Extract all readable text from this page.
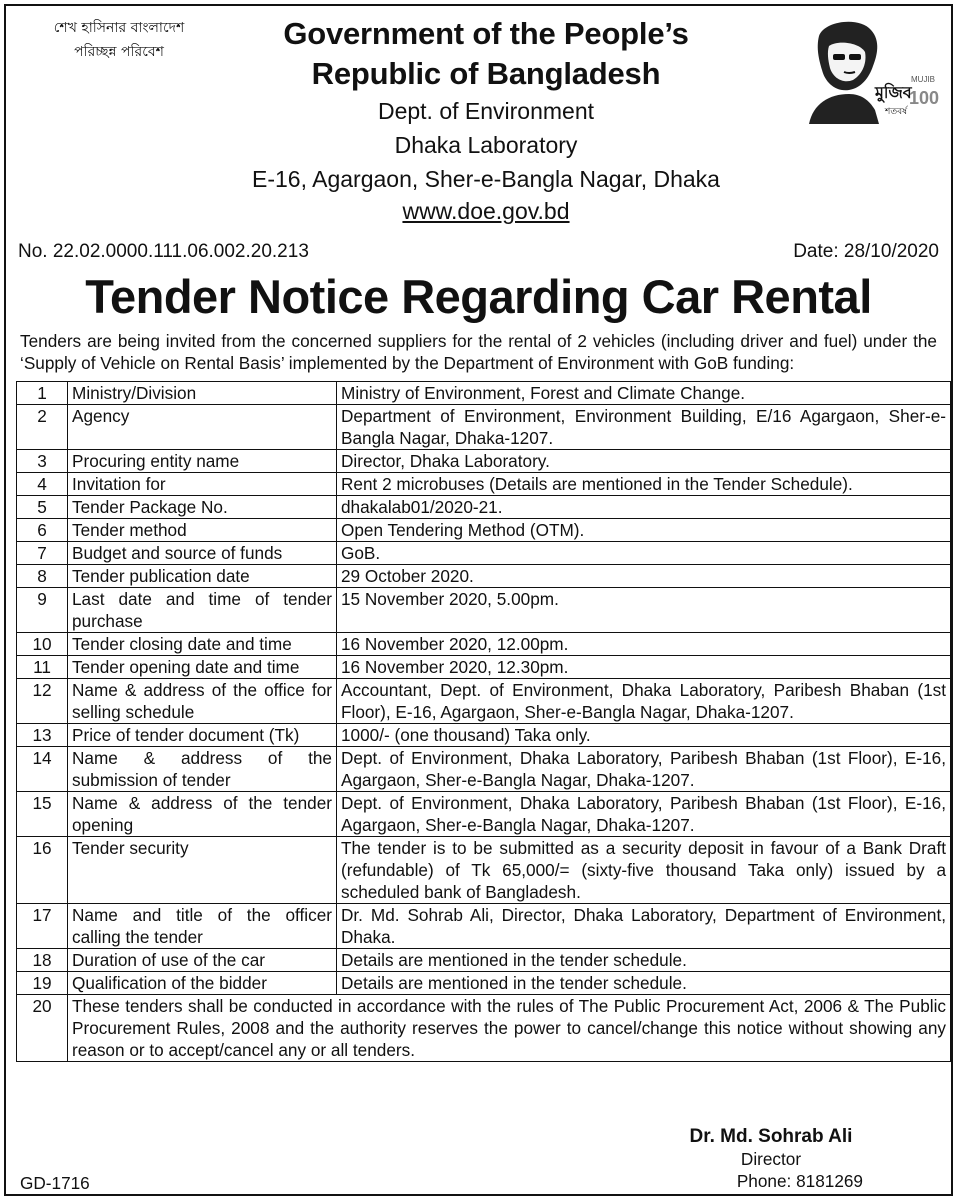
শেখ হাসিনার বাংলাদেশ
পরিচ্ছন্ন পরিবেশ
Government of the People’s
Republic of Bangladesh
Dept. of Environment
Dhaka Laboratory
E-16, Agargaon, Sher-e-Bangla Nagar, Dhaka
www.doe.gov.bd
মুজিব
শতবর্ষ
MUJIB
100
No. 22.02.0000.111.06.002.20.213	Date: 28/10/2020
Tender Notice Regarding Car Rental
Tenders are being invited from the concerned suppliers for the rental of 2 vehicles (including driver and fuel) under the ‘Supply of Vehicle on Rental Basis’ implemented by the Department of Environment with GoB funding:
1	Ministry/Division	Ministry of Environment, Forest and Climate Change.
2	Agency	Department of Environment, Environment Building, E/16 Agargaon, Sher-e-Bangla Nagar, Dhaka-1207.
3	Procuring entity name	Director, Dhaka Laboratory.
4	Invitation for	Rent 2 microbuses (Details are mentioned in the Tender Schedule).
5	Tender Package No.	dhakalab01/2020-21.
6	Tender method	Open Tendering Method (OTM).
7	Budget and source of funds	GoB.
8	Tender publication date	29 October 2020.
9	Last date and time of tender purchase	15 November 2020, 5.00pm.
10	Tender closing date and time	16 November 2020, 12.00pm.
11	Tender opening date and time	16 November 2020, 12.30pm.
12	Name & address of the office for selling schedule	Accountant, Dept. of Environment, Dhaka Laboratory, Paribesh Bhaban (1st Floor), E-16, Agargaon, Sher-e-Bangla Nagar, Dhaka-1207.
13	Price of tender document (Tk)	1000/- (one thousand) Taka only.
14	Name & address of the submission of tender	Dept. of Environment, Dhaka Laboratory, Paribesh Bhaban (1st Floor), E-16, Agargaon, Sher-e-Bangla Nagar, Dhaka-1207.
15	Name & address of the tender opening	Dept. of Environment, Dhaka Laboratory, Paribesh Bhaban (1st Floor), E-16, Agargaon, Sher-e-Bangla Nagar, Dhaka-1207.
16	Tender security	The tender is to be submitted as a security deposit in favour of a Bank Draft (refundable) of Tk 65,000/= (sixty-five thousand Taka only) issued by a scheduled bank of Bangladesh.
17	Name and title of the officer calling the tender	Dr. Md. Sohrab Ali, Director, Dhaka Laboratory, Department of Environment, Dhaka.
18	Duration of use of the car	Details are mentioned in the tender schedule.
19	Qualification of the bidder	Details are mentioned in the tender schedule.
20	These tenders shall be conducted in accordance with the rules of The Public Procurement Act, 2006 & The Public Procurement Rules, 2008 and the authority reserves the power to cancel/change this notice without showing any reason or to accept/cancel any or all tenders.	
Dr. Md. Sohrab Ali
Director
Phone: 8181269
GD-1716
